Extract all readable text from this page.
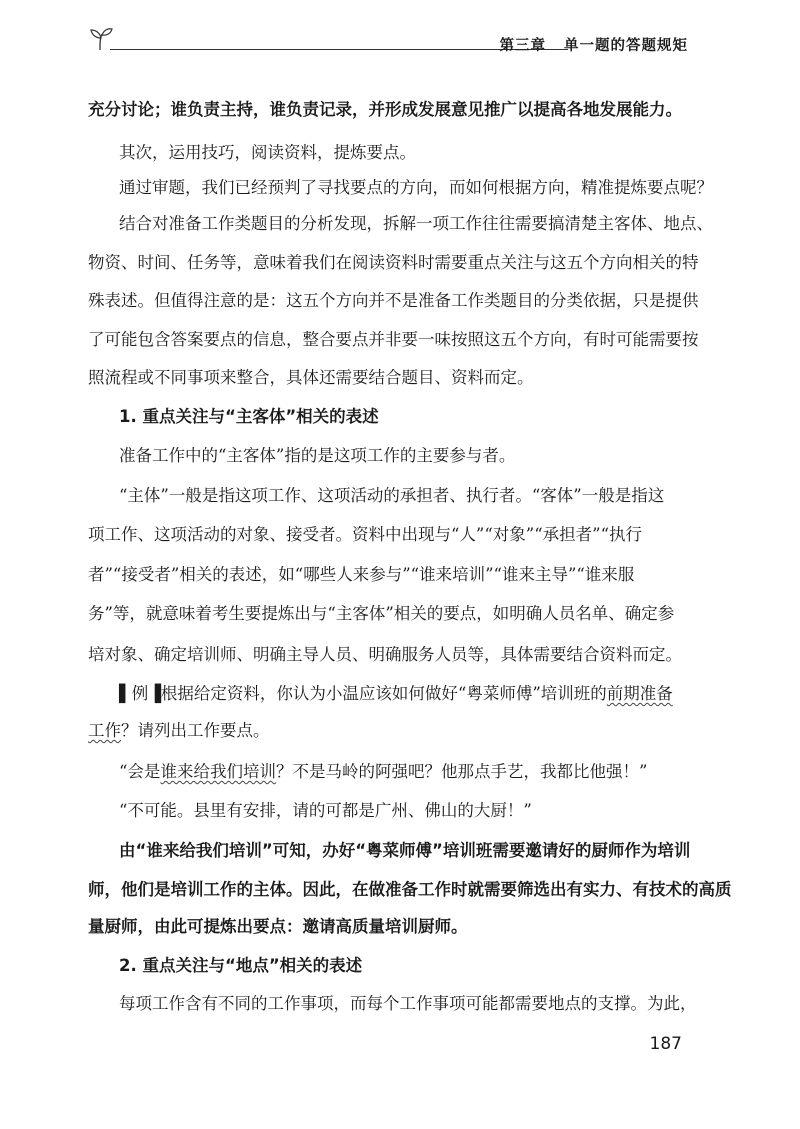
第三章 单一题的答题规矩
充分讨论；谁负责主持，谁负责记录，并形成发展意见推广以提高各地发展能力。
其次，运用技巧，阅读资料，提炼要点。
通过审题，我们已经预判了寻找要点的方向，而如何根据方向，精准提炼要点呢？
结合对准备工作类题目的分析发现，拆解一项工作往往需要搞清楚主客体、地点、
物资、时间、任务等，意味着我们在阅读资料时需要重点关注与这五个方向相关的特
殊表述。但值得注意的是：这五个方向并不是准备工作类题目的分类依据，只是提供
了可能包含答案要点的信息，整合要点并非要一味按照这五个方向，有时可能需要按
照流程或不同事项来整合，具体还需要结合题目、资料而定。
1. 重点关注与“主客体”相关的表述
准备工作中的“主客体”指的是这项工作的主要参与者。
“主体”一般是指这项工作、这项活动的承担者、执行者。“客体”一般是指这
项工作、这项活动的对象、接受者。资料中出现与“人”“对象”“承担者”“执行
者”“接受者”相关的表述，如“哪些人来参与”“谁来培训”“谁来主导”“谁来服
务”等，就意味着考生要提炼出与“主客体”相关的要点，如明确人员名单、确定参
培对象、确定培训师、明确主导人员、明确服务人员等，具体需要结合资料而定。
▌例▐根据给定资料，你认为小温应该如何做好“粤菜师傅”培训班的前期准备
工作？请列出工作要点。
“会是谁来给我们培训？不是马岭的阿强吧？他那点手艺，我都比他强！”
“不可能。县里有安排，请的可都是广州、佛山的大厨！”
由“谁来给我们培训”可知，办好“粤菜师傅”培训班需要邀请好的厨师作为培训
师，他们是培训工作的主体。因此，在做准备工作时就需要筛选出有实力、有技术的高质
量厨师，由此可提炼出要点：邀请高质量培训厨师。
2. 重点关注与“地点”相关的表述
每项工作含有不同的工作事项，而每个工作事项可能都需要地点的支撑。为此，
187
